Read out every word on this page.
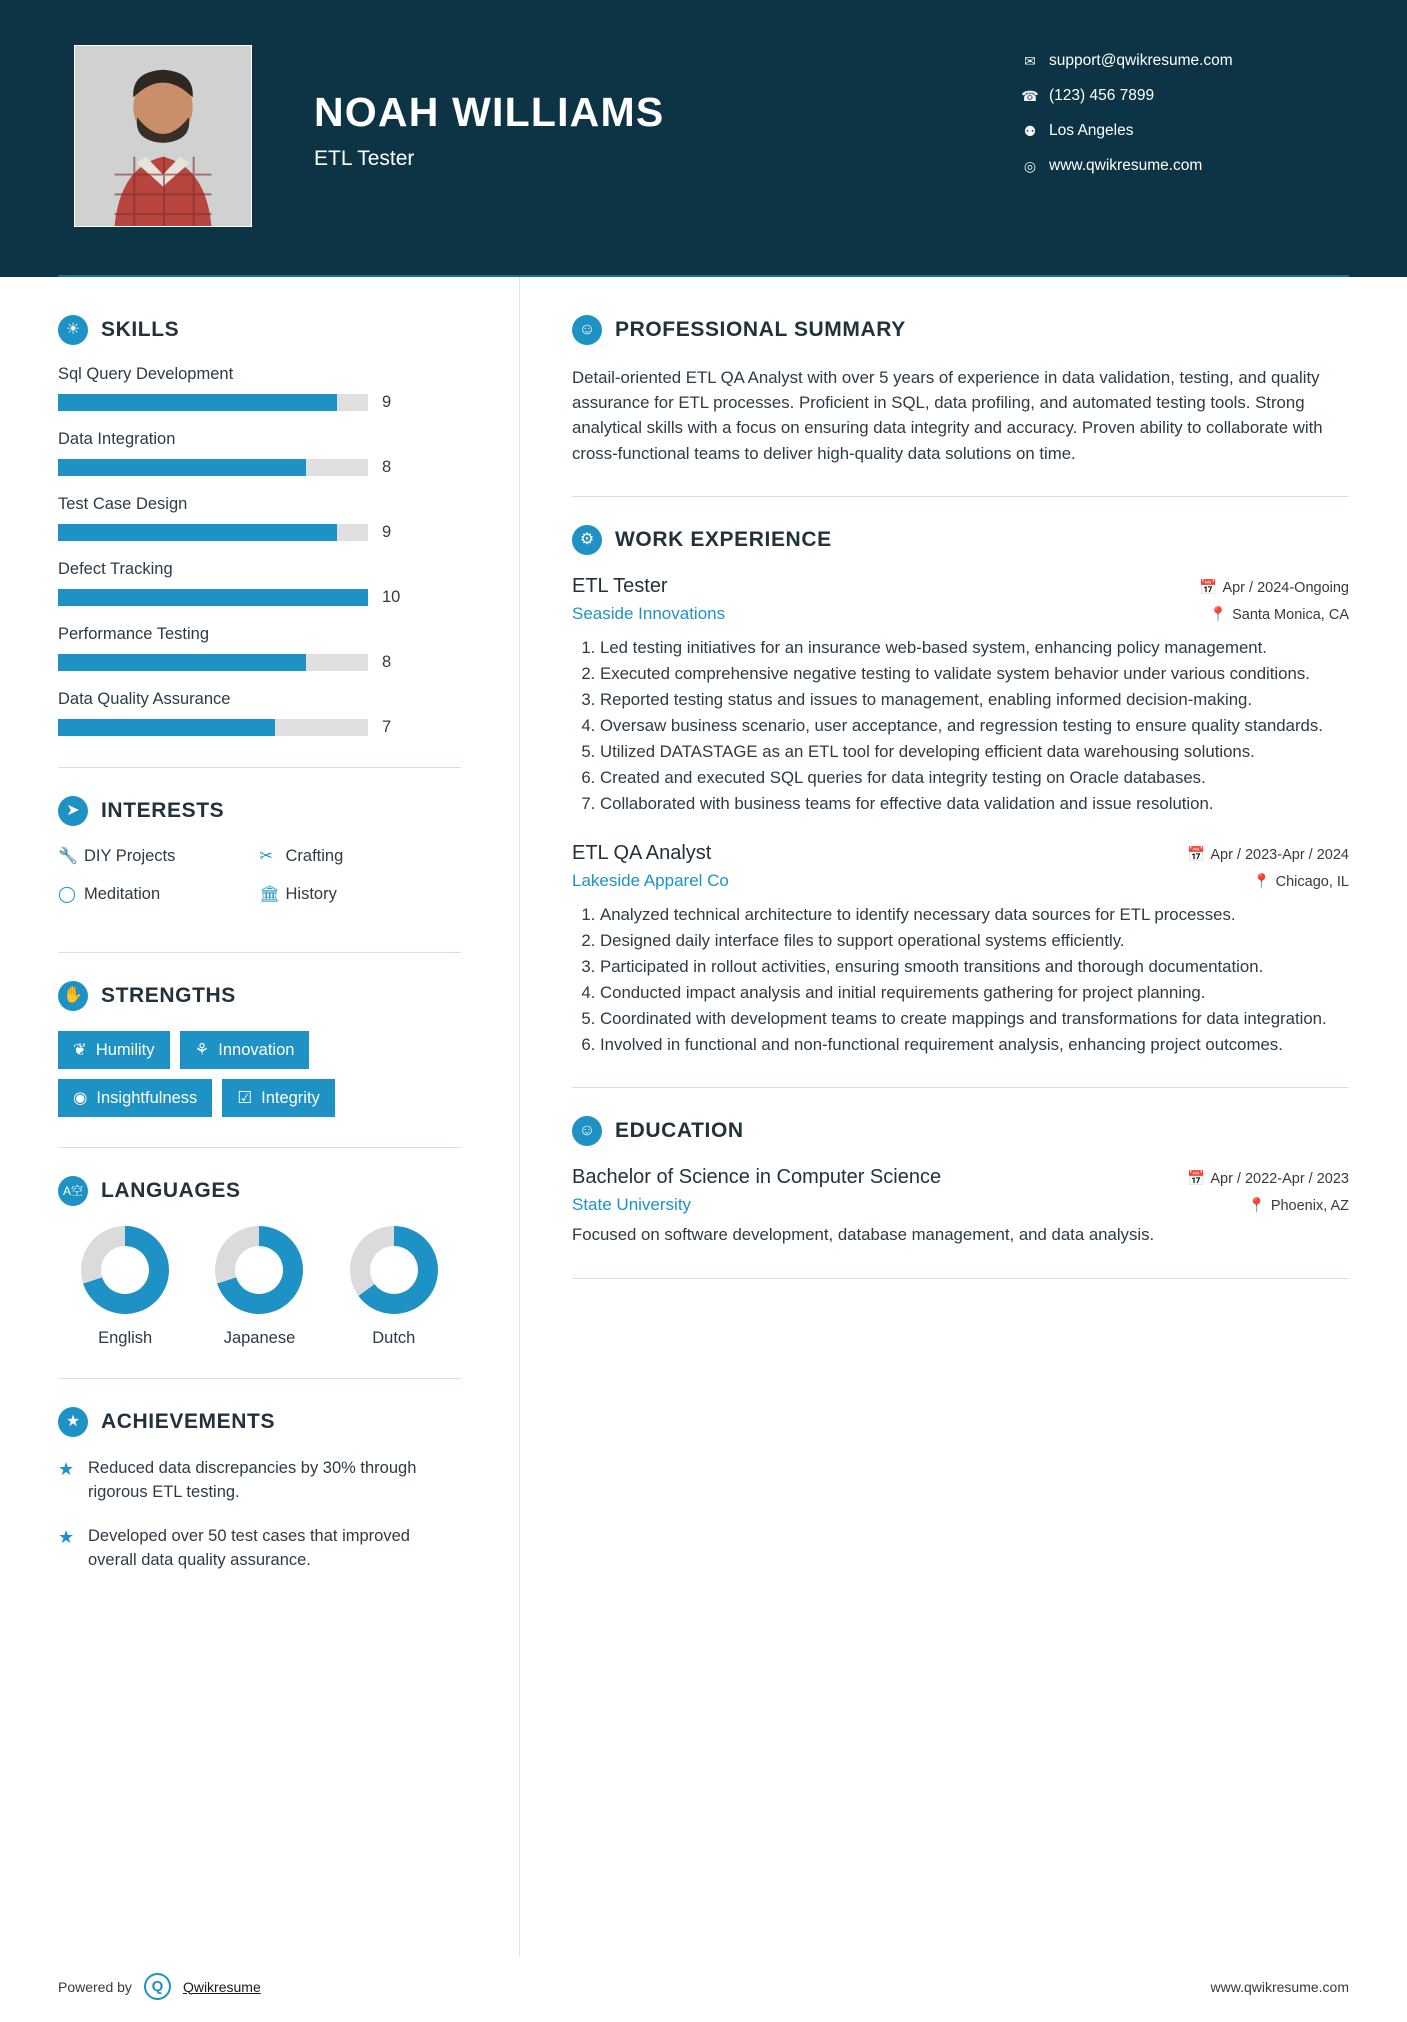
NOAH WILLIAMS
ETL Tester
✉ support@qwikresume.com
☎ (123) 456 7899
⚉ Los Angeles
◎ www.qwikresume.com
☀ SKILLS
Sql Query Development
9
Data Integration
8
Test Case Design
9
Defect Tracking
10
Performance Testing
8
Data Quality Assurance
7
➤	INTERESTS
🔧 DIY Projects	✂ Crafting
◯ Meditation	🏛 History
✋ STRENGTHS
❦ Humility ⚘ Innovation
◉ Insightfulness ☑ Integrity
A空 LANGUAGES
English	Japanese	Dutch
★ ACHIEVEMENTS
★ Reduced data discrepancies by 30% through rigorous ETL testing.
★ Developed over 50 test cases that improved overall data quality assurance.
☺ PROFESSIONAL SUMMARY
Detail-oriented ETL QA Analyst with over 5 years of experience in data validation, testing, and quality assurance for ETL processes. Proficient in SQL, data profiling, and automated testing tools. Strong analytical skills with a focus on ensuring data integrity and accuracy. Proven ability to collaborate with cross-functional teams to deliver high-quality data solutions on time.
⚙ WORK EXPERIENCE
ETL Tester	📅 Apr / 2024-Ongoing
Seaside Innovations	📍 Santa Monica, CA
1. Led testing initiatives for an insurance web-based system, enhancing policy management.
2. Executed comprehensive negative testing to validate system behavior under various conditions.
3. Reported testing status and issues to management, enabling informed decision-making.
4. Oversaw business scenario, user acceptance, and regression testing to ensure quality standards.
5. Utilized DATASTAGE as an ETL tool for developing efficient data warehousing solutions.
6. Created and executed SQL queries for data integrity testing on Oracle databases.
7. Collaborated with business teams for effective data validation and issue resolution.
ETL QA Analyst	📅 Apr / 2023-Apr / 2024
Lakeside Apparel Co	📍 Chicago, IL
1. Analyzed technical architecture to identify necessary data sources for ETL processes.
2. Designed daily interface files to support operational systems efficiently.
3. Participated in rollout activities, ensuring smooth transitions and thorough documentation.
4. Conducted impact analysis and initial requirements gathering for project planning.
5. Coordinated with development teams to create mappings and transformations for data integration.
6. Involved in functional and non-functional requirement analysis, enhancing project outcomes.
☺ EDUCATION
Bachelor of Science in Computer Science	📅 Apr / 2022-Apr / 2023
State University	📍 Phoenix, AZ
Focused on software development, database management, and data analysis.
Powered by	Q	Qwikresume	www.qwikresume.com
